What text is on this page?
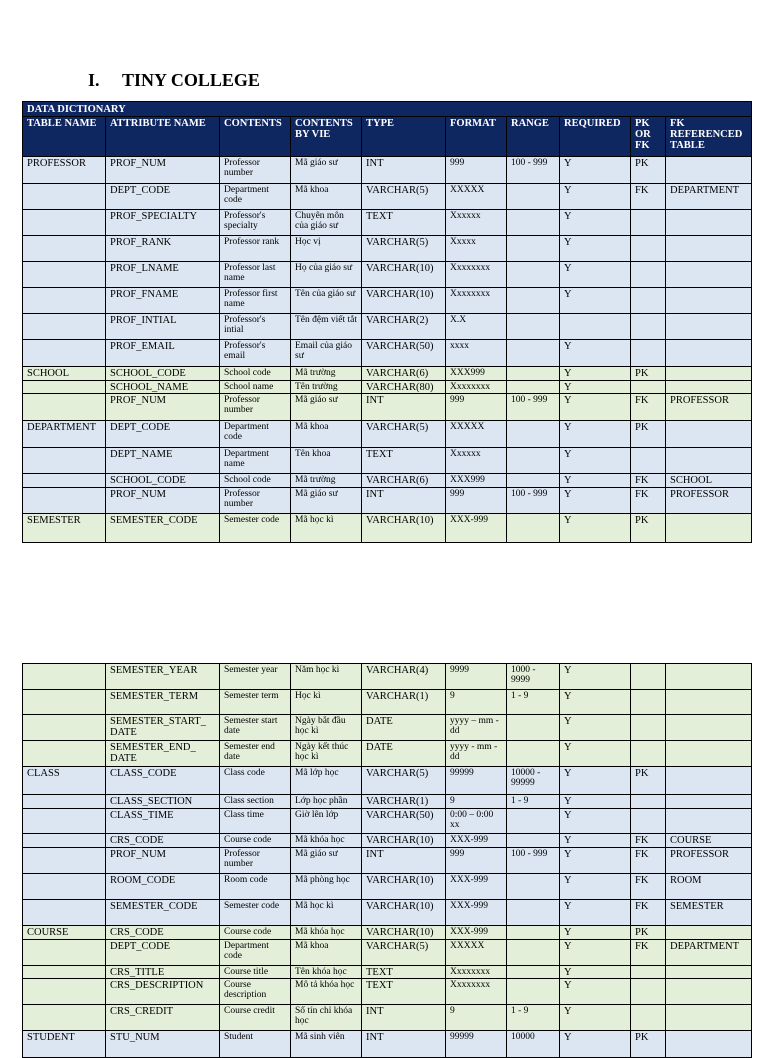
I. TINY COLLEGE
DATA DICTIONARY									
TABLE NAME	ATTRIBUTE NAME	CONTENTS	CONTENTS BY VIE	TYPE	FORMAT	RANGE	REQUIRED	PK OR FK	FK REFERENCED TABLE
PROFESSOR	PROF_NUM	Professor number	Mã giáo sư	INT	999	100 - 999	Y	PK	
	DEPT_CODE	Department code	Mã khoa	VARCHAR(5)	XXXXX		Y	FK	DEPARTMENT
	PROF_SPECIALTY	Professor's specialty	Chuyên môn của giáo sư	TEXT	Xxxxxx		Y		
	PROF_RANK	Professor rank	Học vị	VARCHAR(5)	Xxxxx		Y		
	PROF_LNAME	Professor last name	Họ của giáo sư	VARCHAR(10)	Xxxxxxxx		Y		
	PROF_FNAME	Professor first name	Tên của giáo sư	VARCHAR(10)	Xxxxxxxx		Y		
	PROF_INTIAL	Professor's intial	Tên đệm viết tắt	VARCHAR(2)	X.X				
	PROF_EMAIL	Professor's email	Email của giáo sư	VARCHAR(50)	xxxx		Y		
SCHOOL	SCHOOL_CODE	School code	Mã trường	VARCHAR(6)	XXX999		Y	PK	
	SCHOOL_NAME	School name	Tên trường	VARCHAR(80)	Xxxxxxxx		Y		
	PROF_NUM	Professor number	Mã giáo sư	INT	999	100 - 999	Y	FK	PROFESSOR
DEPARTMENT	DEPT_CODE	Department code	Mã khoa	VARCHAR(5)	XXXXX		Y	PK	
	DEPT_NAME	Department name	Tên khoa	TEXT	Xxxxxx		Y		
	SCHOOL_CODE	School code	Mã trường	VARCHAR(6)	XXX999		Y	FK	SCHOOL
	PROF_NUM	Professor number	Mã giáo sư	INT	999	100 - 999	Y	FK	PROFESSOR
SEMESTER	SEMESTER_CODE	Semester code	Mã học kì	VARCHAR(10)	XXX-999		Y	PK	
	SEMESTER_YEAR	Semester year	Năm học kì	VARCHAR(4)	9999	1000 - 9999	Y		
	SEMESTER_TERM	Semester term	Học kì	VARCHAR(1)	9	1 - 9	Y		
	SEMESTER_START_ DATE	Semester start date	Ngày bắt đầu học kì	DATE	yyyy – mm - dd		Y		
	SEMESTER_END_ DATE	Semester end date	Ngày kết thúc học kì	DATE	yyyy - mm - dd		Y		
CLASS	CLASS_CODE	Class code	Mã lớp học	VARCHAR(5)	99999	10000 - 99999	Y	PK	
	CLASS_SECTION	Class section	Lớp học phần	VARCHAR(1)	9	1 - 9	Y		
	CLASS_TIME	Class time	Giờ lên lớp	VARCHAR(50)	0:00 – 0:00 xx		Y		
	CRS_CODE	Course code	Mã khóa học	VARCHAR(10)	XXX-999		Y	FK	COURSE
	PROF_NUM	Professor number	Mã giáo sư	INT	999	100 - 999	Y	FK	PROFESSOR
	ROOM_CODE	Room code	Mã phòng học	VARCHAR(10)	XXX-999		Y	FK	ROOM
	SEMESTER_CODE	Semester code	Mã học kì	VARCHAR(10)	XXX-999		Y	FK	SEMESTER
COURSE	CRS_CODE	Course code	Mã khóa học	VARCHAR(10)	XXX-999		Y	PK	
	DEPT_CODE	Department code	Mã khoa	VARCHAR(5)	XXXXX		Y	FK	DEPARTMENT
	CRS_TITLE	Course title	Tên khóa học	TEXT	Xxxxxxxx		Y		
	CRS_DESCRIPTION	Course description	Mô tả khóa học	TEXT	Xxxxxxxx		Y		
	CRS_CREDIT	Course credit	Số tín chỉ khóa học	INT	9	1 - 9	Y		
STUDENT	STU_NUM	Student	Mã sinh viên	INT	99999	10000	Y	PK	
